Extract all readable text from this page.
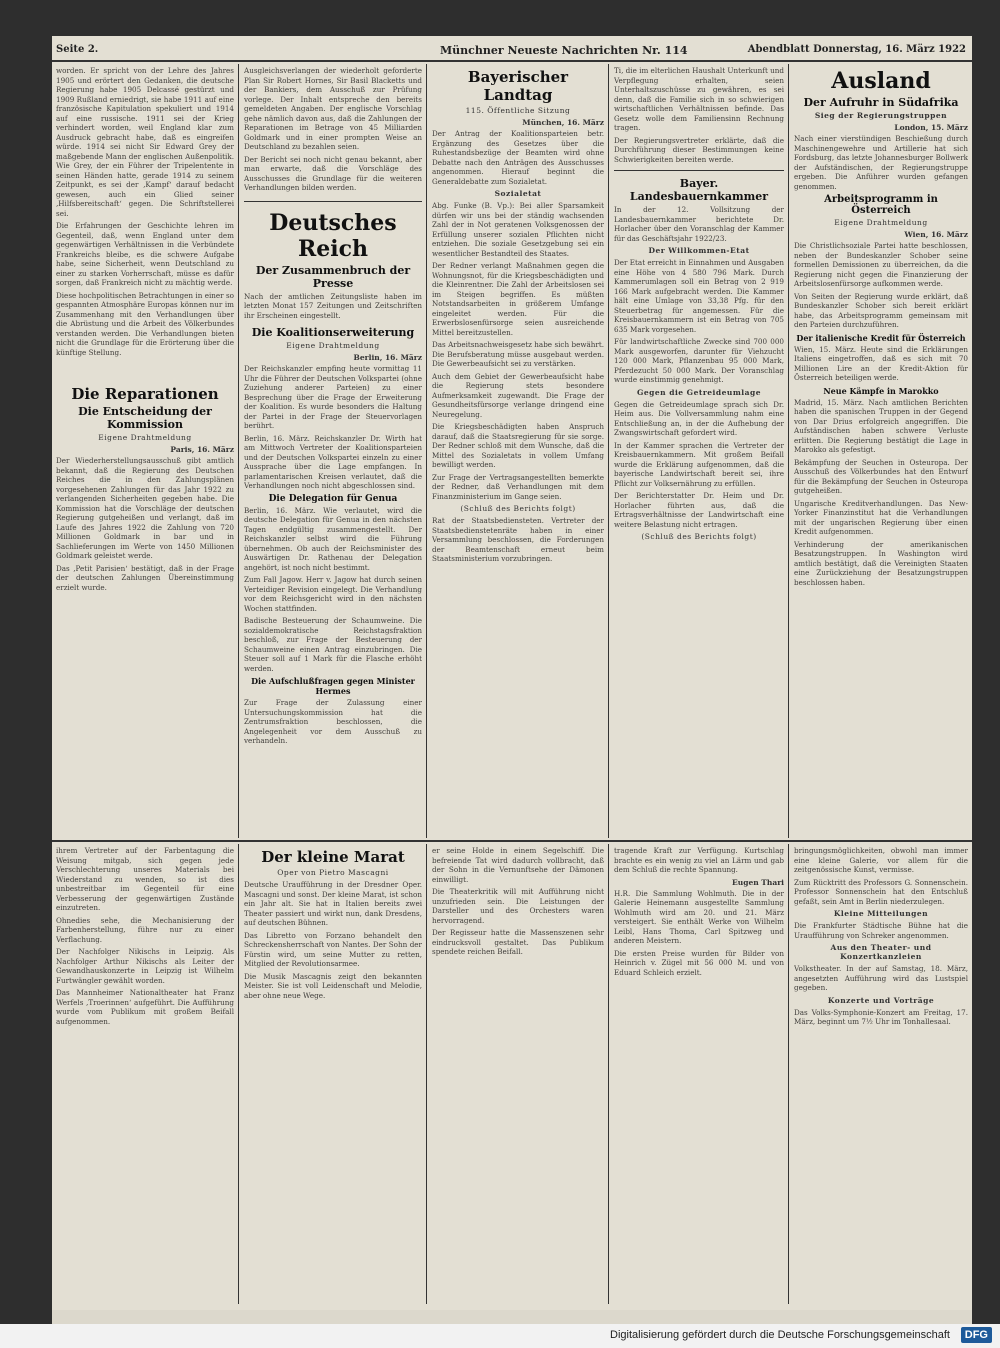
Seite 2.	Münchner Neueste Nachrichten Nr. 114	Abendblatt Donnerstag, 16. März 1922

worden. Er spricht von der Lehre des Jahres 1905 und erörtert den Gedanken, die deutsche Regierung habe 1905 Delcassé gestürzt und 1909 Rußland erniedrigt, sie habe 1911 auf eine französische Kapitulation spekuliert und 1914 auf eine russische. 1911 sei der Krieg verhindert worden, weil England klar zum Ausdruck gebracht habe, daß es eingreifen würde. 1914 sei nicht Sir Edward Grey der maßgebende Mann der englischen Außenpolitik. Wie Grey, der ein Führer der Tripelentente in seinen Händen hatte, gerade 1914 zu seinem Zeitpunkt, es sei der ‚Kampf‘ darauf bedacht gewesen, auch ein Glied seiner ‚Hilfsbereitschaft‘ gegen. Die Schriftstellerei sei.

Die Erfahrungen der Geschichte lehren im Gegenteil, daß, wenn England unter dem gegenwärtigen Verhältnissen in die Verbündete Frankreichs bleibe, es die schwere Aufgabe habe, seine Sicherheit, wenn Deutschland zu einer zu starken Vorherrschaft, müsse es dafür sorgen, daß Frankreich nicht zu mächtig werde.

Diese hochpolitischen Betrachtungen in einer so gespannten Atmosphäre Europas können nur im Zusammenhang mit den Verhandlungen über die Abrüstung und die Arbeit des Völkerbundes verstanden werden. Die Verhandlungen bieten nicht die Grundlage für die Erörterung über die künftige Stellung.

Die Reparationen
Die Entscheidung der Kommission
Eigene Drahtmeldung
Paris, 16. März

Der Wiederherstellungsausschuß gibt amtlich bekannt, daß die Regierung des Deutschen Reiches die in den Zahlungsplänen vorgesehenen Zahlungen für das Jahr 1922 zu verlangenden Sicherheiten gegeben habe. Die Kommission hat die Vorschläge der deutschen Regierung gutgeheißen und verlangt, daß im Laufe des Jahres 1922 die Zahlung von 720 Millionen Goldmark in bar und in Sachlieferungen im Werte von 1450 Millionen Goldmark geleistet werde.

Das ‚Petit Parisien‘ bestätigt, daß in der Frage der deutschen Zahlungen Übereinstimmung erzielt wurde.

Ausgleichsverlangen der wiederholt geforderte Plan Sir Robert Hornes, Sir Basil Blacketts und der Bankiers, dem Ausschuß zur Prüfung vorlege. Der Inhalt entspreche den bereits gemeldeten Angaben. Der englische Vorschlag gehe nämlich davon aus, daß die Zahlungen der Reparationen im Betrage von 45 Milliarden Goldmark und in einer prompten Weise an Deutschland zu bezahlen seien.

Der Bericht sei noch nicht genau bekannt, aber man erwarte, daß die Vorschläge des Ausschusses die Grundlage für die weiteren Verhandlungen bilden werden.

Deutsches Reich
Der Zusammenbruch der Presse

Nach der amtlichen Zeitungsliste haben im letzten Monat 157 Zeitungen und Zeitschriften ihr Erscheinen eingestellt.

Die Koalitionserweiterung
Eigene Drahtmeldung
Berlin, 16. März

Der Reichskanzler empfing heute vormittag 11 Uhr die Führer der Deutschen Volkspartei (ohne Zuziehung anderer Parteien) zu einer Besprechung über die Frage der Erweiterung der Koalition. Es wurde besonders die Haltung der Partei in der Frage der Steuervorlagen berührt.

Berlin, 16. März. Reichskanzler Dr. Wirth hat am Mittwoch Vertreter der Koalitionsparteien und der Deutschen Volkspartei einzeln zu einer Aussprache über die Lage empfangen. In parlamentarischen Kreisen verlautet, daß die Verhandlungen noch nicht abgeschlossen sind.

Die Delegation für Genua

Berlin, 16. März. Wie verlautet, wird die deutsche Delegation für Genua in den nächsten Tagen endgültig zusammengestellt. Der Reichskanzler selbst wird die Führung übernehmen. Ob auch der Reichsminister des Auswärtigen Dr. Rathenau der Delegation angehört, ist noch nicht bestimmt.

Zum Fall Jagow. Herr v. Jagow hat durch seinen Verteidiger Revision eingelegt. Die Verhandlung vor dem Reichsgericht wird in den nächsten Wochen stattfinden.

Badische Besteuerung der Schaumweine. Die sozialdemokratische Reichstagsfraktion beschloß, zur Frage der Besteuerung der Schaumweine einen Antrag einzubringen. Die Steuer soll auf 1 Mark für die Flasche erhöht werden.

Die Aufschlußfragen gegen Minister Hermes

Zur Frage der Zulassung einer Untersuchungskommission hat die Zentrumsfraktion beschlossen, die Angelegenheit vor dem Ausschuß zu verhandeln.

Bayerischer Landtag
115. Öffentliche Sitzung
München, 16. März

Der Antrag der Koalitionsparteien betr. Ergänzung des Gesetzes über die Ruhestandsbezüge der Beamten wird ohne Debatte nach den Anträgen des Ausschusses angenommen. Hierauf beginnt die Generaldebatte zum Sozialetat.

Sozialetat

Abg. Funke (B. Vp.): Bei aller Sparsamkeit dürfen wir uns bei der ständig wachsenden Zahl der in Not geratenen Volksgenossen der Erfüllung unserer sozialen Pflichten nicht entziehen. Die soziale Gesetzgebung sei ein wesentlicher Bestandteil des Staates.

Der Redner verlangt Maßnahmen gegen die Wohnungsnot, für die Kriegsbeschädigten und die Kleinrentner. Die Zahl der Arbeitslosen sei im Steigen begriffen. Es müßten Notstandsarbeiten in größerem Umfange eingeleitet werden. Für die Erwerbslosenfürsorge seien ausreichende Mittel bereitzustellen.

Das Arbeitsnachweisgesetz habe sich bewährt. Die Berufsberatung müsse ausgebaut werden. Die Gewerbeaufsicht sei zu verstärken.

Auch dem Gebiet der Gewerbeaufsicht habe die Regierung stets besondere Aufmerksamkeit zugewandt. Die Frage der Gesundheitsfürsorge verlange dringend eine Neuregelung.

Die Kriegsbeschädigten haben Anspruch darauf, daß die Staatsregierung für sie sorge. Der Redner schloß mit dem Wunsche, daß die Mittel des Sozialetats in vollem Umfang bewilligt werden.

Zur Frage der Vertragsangestellten bemerkte der Redner, daß Verhandlungen mit dem Finanzministerium im Gange seien.

(Schluß des Berichts folgt)

Rat der Staatsbediensteten. Vertreter der Staatsbedienstetenräte haben in einer Versammlung beschlossen, die Forderungen der Beamtenschaft erneut beim Staatsministerium vorzubringen.

Ti, die im elterlichen Haushalt Unterkunft und Verpflegung erhalten, seien Unterhaltszuschüsse zu gewähren, es sei denn, daß die Familie sich in so schwierigen wirtschaftlichen Verhältnissen befinde. Das Gesetz wolle dem Familiensinn Rechnung tragen.

Der Regierungsvertreter erklärte, daß die Durchführung dieser Bestimmungen keine Schwierigkeiten bereiten werde.

Bayer. Landesbauernkammer

In der 12. Vollsitzung der Landesbauernkammer berichtete Dr. Horlacher über den Voranschlag der Kammer für das Geschäftsjahr 1922/23.

Der Willkommen-Etat

Der Etat erreicht in Einnahmen und Ausgaben eine Höhe von 4 580 796 Mark. Durch Kammerumlagen soll ein Betrag von 2 919 166 Mark aufgebracht werden. Die Kammer hält eine Umlage von 33,38 Pfg. für den Steuerbetrag für angemessen. Für die Kreisbauernkammern ist ein Betrag von 705 635 Mark vorgesehen.

Für landwirtschaftliche Zwecke sind 700 000 Mark ausgeworfen, darunter für Viehzucht 120 000 Mark, Pflanzenbau 95 000 Mark, Pferdezucht 50 000 Mark. Der Voranschlag wurde einstimmig genehmigt.

Gegen die Getreideumlage

Gegen die Getreideumlage sprach sich Dr. Heim aus. Die Vollversammlung nahm eine Entschließung an, in der die Aufhebung der Zwangswirtschaft gefordert wird.

In der Kammer sprachen die Vertreter der Kreisbauernkammern. Mit großem Beifall wurde die Erklärung aufgenommen, daß die bayerische Landwirtschaft bereit sei, ihre Pflicht zur Volksernährung zu erfüllen.

Der Berichterstatter Dr. Heim und Dr. Horlacher führten aus, daß die Ertragsverhältnisse der Landwirtschaft eine weitere Belastung nicht ertragen.

(Schluß des Berichts folgt)
Ausland
Der Aufruhr in Südafrika
Sieg der Regierungstruppen
London, 15. März

Nach einer vierstündigen Beschießung durch Maschinengewehre und Artillerie hat sich Fordsburg, das letzte Johannesburger Bollwerk der Aufständischen, der Regierungstruppe ergeben. Die Anführer wurden gefangen genommen.

Arbeitsprogramm in Österreich
Eigene Drahtmeldung
Wien, 16. März

Die Christlichsoziale Partei hatte beschlossen, neben der Bundeskanzler Schober seine formellen Demissionen zu überreichen, da die Regierung nicht gegen die Finanzierung der Arbeitslosenfürsorge aufkommen werde.

Von Seiten der Regierung wurde erklärt, daß Bundeskanzler Schober sich bereit erklärt habe, das Arbeitsprogramm gemeinsam mit den Parteien durchzuführen.

Der italienische Kredit für Österreich

Wien, 15. März. Heute sind die Erklärungen Italiens eingetroffen, daß es sich mit 70 Millionen Lire an der Kredit-Aktion für Österreich beteiligen werde.

Neue Kämpfe in Marokko

Madrid, 15. März. Nach amtlichen Berichten haben die spanischen Truppen in der Gegend von Dar Drius erfolgreich angegriffen. Die Aufständischen haben schwere Verluste erlitten. Die Regierung bestätigt die Lage in Marokko als gefestigt.

Bekämpfung der Seuchen in Osteuropa. Der Ausschuß des Völkerbundes hat den Entwurf für die Bekämpfung der Seuchen in Osteuropa gutgeheißen.

Ungarische Kreditverhandlungen. Das New-Yorker Finanzinstitut hat die Verhandlungen mit der ungarischen Regierung über einen Kredit aufgenommen.

Verhinderung der amerikanischen Besatzungstruppen. In Washington wird amtlich bestätigt, daß die Vereinigten Staaten eine Zurückziehung der Besatzungstruppen beschlossen haben.

ihrem Vertreter auf der Farbentagung die Weisung mitgab, sich gegen jede Verschlechterung unseres Materials bei Wiederstand zu wenden, so ist dies unbestreitbar im Gegenteil für eine Verbesserung der gegenwärtigen Zustände einzutreten.

Ohnedies sehe, die Mechanisierung der Farbenherstellung, führe nur zu einer Verflachung.

Der Nachfolger Nikischs in Leipzig. Als Nachfolger Arthur Nikischs als Leiter der Gewandhauskonzerte in Leipzig ist Wilhelm Furtwängler gewählt worden.

Das Mannheimer Nationaltheater hat Franz Werfels ‚Troerinnen‘ aufgeführt. Die Aufführung wurde vom Publikum mit großem Beifall aufgenommen.

Der kleine Marat
Oper von Pietro Mascagni

Deutsche Uraufführung in der Dresdner Oper. Mascagni und sonst. Der kleine Marat, ist schon ein Jahr alt. Sie hat in Italien bereits zwei Theater passiert und wirkt nun, dank Dresdens, auf deutschen Bühnen.

Das Libretto von Forzano behandelt den Schreckensherrschaft von Nantes. Der Sohn der Fürstin wird, um seine Mutter zu retten, Mitglied der Revolutionsarmee.

Die Musik Mascagnis zeigt den bekannten Meister. Sie ist voll Leidenschaft und Melodie, aber ohne neue Wege.

er seine Holde in einem Segelschiff. Die befreiende Tat wird dadurch vollbracht, daß der Sohn in die Vernunftsehe der Dämonen einwilligt.

Die Theaterkritik will mit Aufführung nicht unzufrieden sein. Die Leistungen der Darsteller und des Orchesters waren hervorragend.

Der Regisseur hatte die Massenszenen sehr eindrucksvoll gestaltet. Das Publikum spendete reichen Beifall.

tragende Kraft zur Verfügung. Kurtschlag brachte es ein wenig zu viel an Lärm und gab dem Schluß die rechte Spannung.

Eugen Thari

H.R. Die Sammlung Wohlmuth. Die in der Galerie Heinemann ausgestellte Sammlung Wohlmuth wird am 20. und 21. März versteigert. Sie enthält Werke von Wilhelm Leibl, Hans Thoma, Carl Spitzweg und anderen Meistern.

Die ersten Preise wurden für Bilder von Heinrich v. Zügel mit 56 000 M. und von Eduard Schleich erzielt.

bringungsmöglichkeiten, obwohl man immer eine kleine Galerie, vor allem für die zeitgenössische Kunst, vermisse.

Zum Rücktritt des Professors G. Sonnenschein. Professor Sonnenschein hat den Entschluß gefaßt, sein Amt in Berlin niederzulegen.

Kleine Mitteilungen

Die Frankfurter Städtische Bühne hat die Uraufführung von Schreker angenommen.

Aus den Theater- und Konzertkanzleien

Volkstheater. In der auf Samstag, 18. März, angesetzten Aufführung wird das Lustspiel gegeben.

Konzerte und Vorträge

Das Volks-Symphonie-Konzert am Freitag, 17. März, beginnt um 7½ Uhr im Tonhallesaal.

Digitalisierung gefördert durch die Deutsche Forschungsgemeinschaft	DFG
